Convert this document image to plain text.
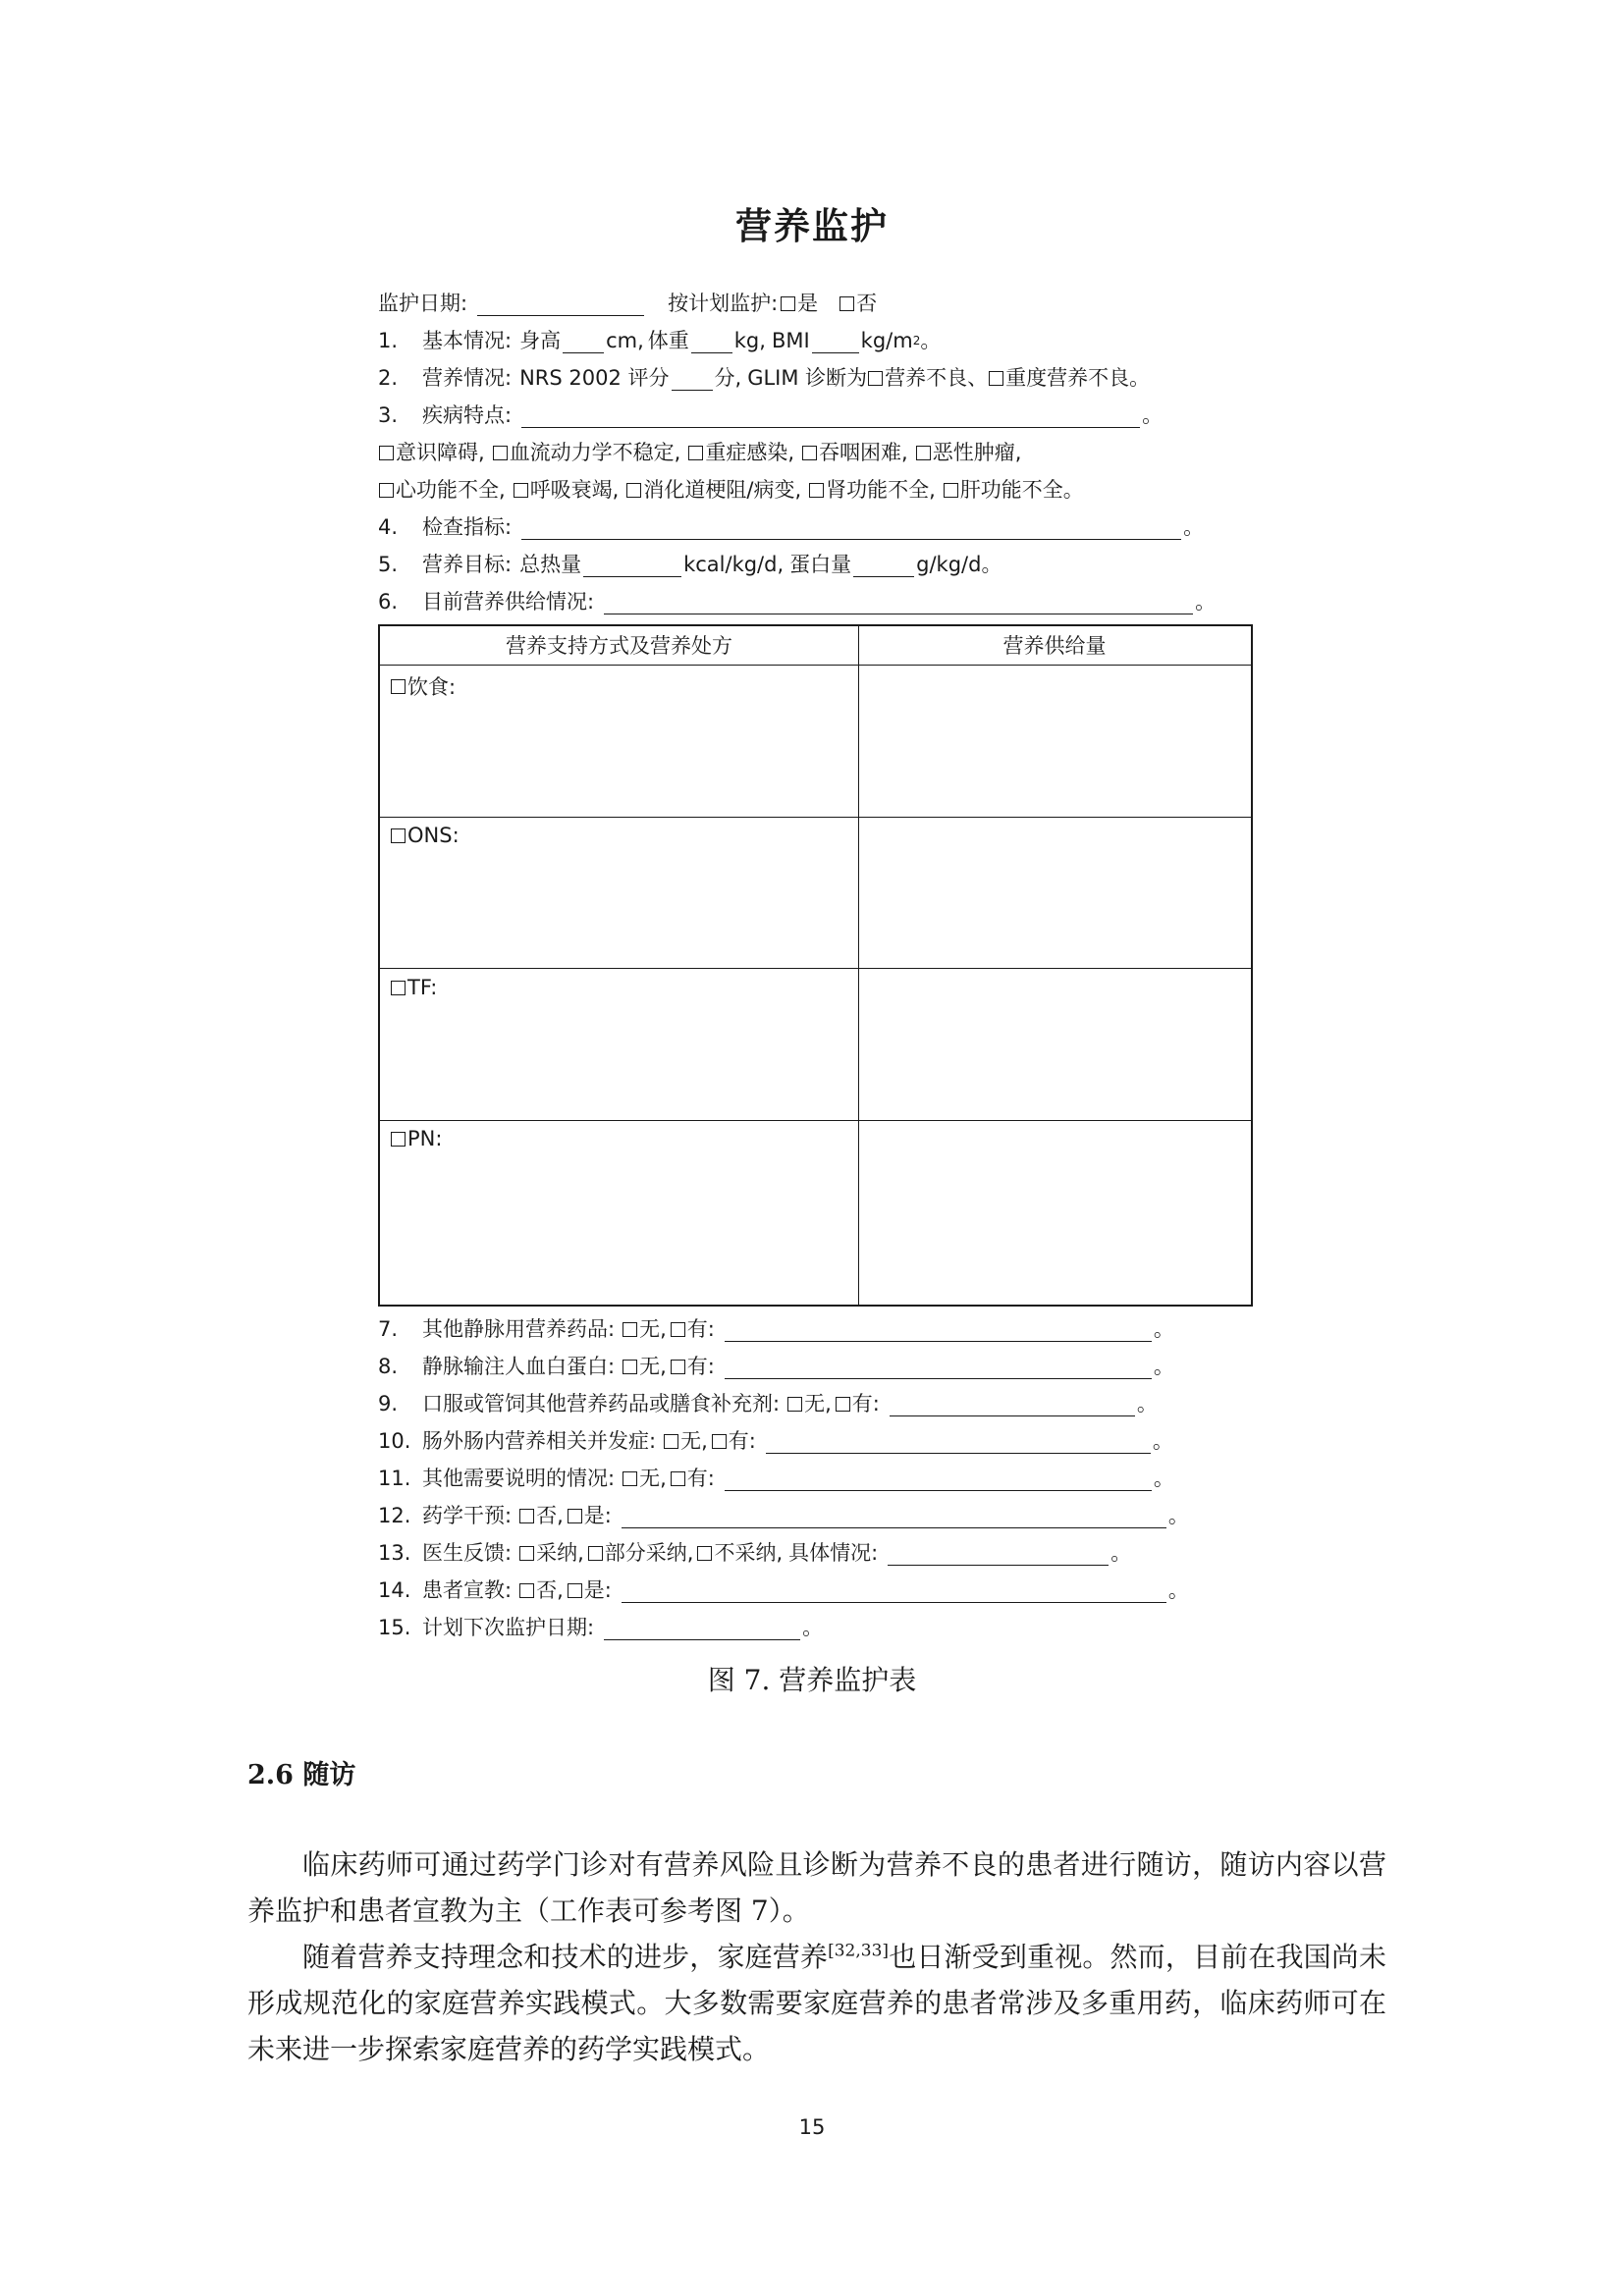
营养监护
监护日期:	按计划监护: 是 否
1.	基本情况: 身高 cm, 体重 kg, BMI kg/m 2 。
2.	营养情况: NRS 2002 评分 分, GLIM 诊断为 营养不良、 重度营养不良。
3.	疾病特点:	。
意识障碍, 血流动力学不稳定, 重症感染, 吞咽困难, 恶性肿瘤,
心功能不全, 呼吸衰竭, 消化道梗阻/病变, 肾功能不全, 肝功能不全。
4.	检查指标:	。
5.	营养目标: 总热量	kcal/kg/d, 蛋白量	g/kg/d。
6.	目前营养供给情况:	。
营养支持方式及营养处方	营养供给量
饮食:
ONS:
TF:
PN:
7.	其他静脉用营养药品: 无, 有:	。
8.	静脉输注人血白蛋白: 无, 有:	。
9.	口服或管饲其他营养药品或膳食补充剂: 无, 有:	。
10. 肠外肠内营养相关并发症: 无, 有:	。
11. 其他需要说明的情况: 无, 有:	。
12. 药学干预: 否, 是:	。
13. 医生反馈: 采纳, 部分采纳, 不采纳, 具体情况:	。
14. 患者宣教: 否, 是:	。
15. 计划下次监护日期:	。
图 7. 营养监护表
2.6 随访

临床药师可通过药学门诊对有营养风险且诊断为营养不良的患者进行随访，随访内容以营养监护和患者宣教为主（工作表可参考图 7）。

随着营养支持理念和技术的进步，家庭营养[32,33]也日渐受到重视。然而，目前在我国尚未形成规范化的家庭营养实践模式。大多数需要家庭营养的患者常涉及多重用药，临床药师可在未来进一步探索家庭营养的药学实践模式。

15
